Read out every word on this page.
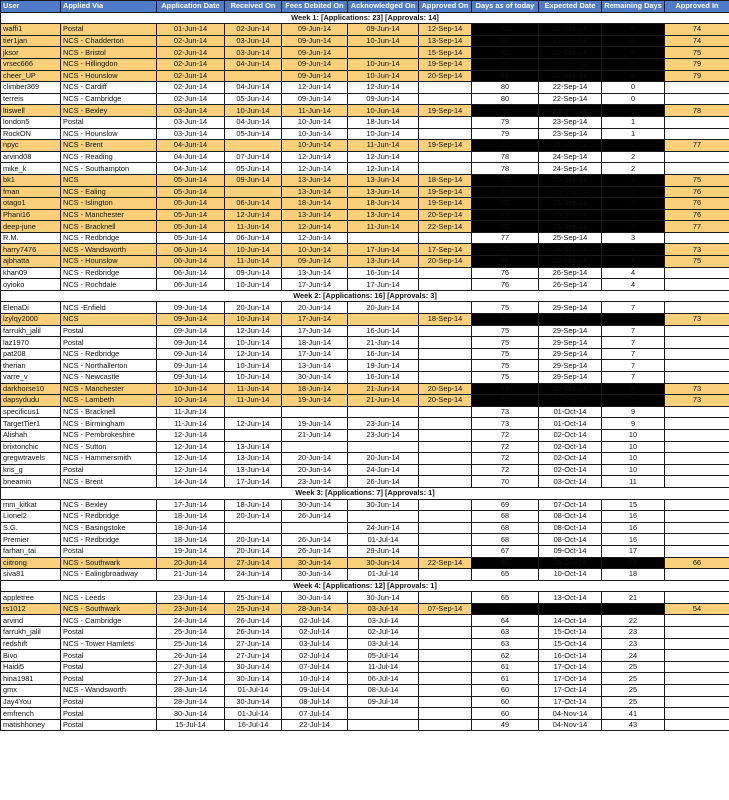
User	Applied Via	Application Date	Received On	Fees Debited On	Acknowledged On	Approved On	Days as of today	Expected Date	Remaining Days	Approved In
Week 1: [Applications: 23] [Approvals: 14]										
waffi1	Postal	01-Jun-14	02-Jun-14	09-Jun-14	09-Jun-14	12-Sep-14	82	21-Sep-14	6	74
tier1jan	NCS - Chadderton	02-Jun-14	03-Jun-14	09-Jun-14	10-Jun-14	13-Sep-14	81	22-Sep-14	6	74
jksor	NCS - Bristol	02-Jun-14	03-Jun-14	09-Jun-14		15-Sep-14	81	22-Sep-14	6	75
vrsec666	NCS - Hillingdon	02-Jun-14	04-Jun-14	09-Jun-14	10-Jun-14	19-Sep-14	81	22-Sep-14	6	79
cheer_UP	NCS - Hounslow	02-Jun-14		09-Jun-14	10-Jun-14	20-Sep-14	81	22-Sep-14	6	79
climber369	NCS - Cardiff	02-Jun-14	04-Jun-14	12-Jun-14	12-Jun-14		80	22-Sep-14	0	
terreis	NCS - Cambridge	02-Jun-14	05-Jun-14	09-Jun-14	09-Jun-14		80	22-Sep-14	0	
ltiswell	NCS - Bexley	03-Jun-14	10-Jun-14	11-Jun-14	10-Jun-14	19-Sep-14	80	23-Sep-14	1	78
london5	Postal	03-Jun-14	04-Jun-14	10-Jun-14	18-Jun-14		79	23-Sep-14	1	
RockON	NCS - Hounslow	03-Jun-14	05-Jun-14	10-Jun-14	10-Jun-14		79	23-Sep-14	1	
npyc	NCS - Brent	04-Jun-14		10-Jun-14	11-Jun-14	19-Sep-14	78	24-Sep-14	2	77
arvind08	NCS - Reading	04-Jun-14	07-Jun-14	12-Jun-14	12-Jun-14		78	24-Sep-14	2	
mike_k	NCS - Southampton	04-Jun-14	05-Jun-14	12-Jun-14	12-Jun-14		78	24-Sep-14	2	
bk1	NCS	05-Jun-14	09-Jun-14	13-Jun-14	13-Jun-14	18-Sep-14	77	25-Sep-14	3	75
fman	NCS - Ealing	05-Jun-14		13-Jun-14	13-Jun-14	19-Sep-14	77	25-Sep-14	3	76
otago1	NCS - Islington	05-Jun-14	06-Jun-14	18-Jun-14	18-Jun-14	19-Sep-14	77	25-Sep-14	3	76
Phani16	NCS - Manchester	05-Jun-14	12-Jun-14	13-Jun-14	13-Jun-14	20-Sep-14	77	25-Sep-14	3	76
deep-june	NCS - Bracknell	05-Jun-14	11-Jun-14	12-Jun-14	11-Jun-14	22-Sep-14	77	25-Sep-14	3	77
R.M.	NCS - Redbridge	05-Jun-14	06-Jun-14	12-Jun-14			77	25-Sep-14	3	
harry7476	NCS - Wandsworth	06-Jun-14	10-Jun-14	10-Jun-14	17-Jun-14	17-Sep-14	76	26-Sep-14	4	73
ajbhatta	NCS - Hounslow	06-Jun-14	11-Jun-14	09-Jun-14	13-Jun-14	20-Sep-14	76	26-Sep-14	4	75
khan09	NCS - Redbridge	06-Jun-14	09-Jun-14	13-Jun-14	16-Jun-14		76	26-Sep-14	4	
oyioko	NCS - Rochdale	06-Jun-14	10-Jun-14	17-Jun-14	17-Jun-14		76	26-Sep-14	4	
Week 2: [Applications: 16] [Approvals: 3]										
ElenaDi	NCS -Enfield	09-Jun-14	20-Jun-14	20-Jun-14	20-Jun-14		75	29-Sep-14	7	
lzylqy2000	NCS	09-Jun-14	10-Jun-14	17-Jun-14		18-Sep-14	75	29-Sep-14	7	73
farrukh_jalil	Postal	09-Jun-14	12-Jun-14	17-Jun-14	16-Jun-14		75	29-Sep-14	7	
laz1970	Postal	09-Jun-14	10-Jun-14	18-Jun-14	21-Jun-14		75	29-Sep-14	7	
pat208	NCS - Redbridge	09-Jun-14	12-Jun-14	17-Jun-14	16-Jun-14		75	29-Sep-14	7	
therian	NCS - Northallerton	09-Jun-14	10-Jun-14	13-Jun-14	19-Jun-14		75	29-Sep-14	7	
varre_v	NCS - Newcastle	09-Jun-14	10-Jun-14	30-Jun-14	16-Jun-14		75	29-Sep-14	7	
darkhorse10	NCS - Manchester	10-Jun-14	11-Jun-14	18-Jun-14	21-Jun-14	20-Sep-14	74	30-Sep-14	8	73
dapsydudu	NCS - Lambeth	10-Jun-14	11-Jun-14	19-Jun-14	21-Jun-14	20-Sep-14	74	30-Sep-14	8	73
specificus1	NCS - Bracknell	11-Jun-14					73	01-Oct-14	9	
TargetTier1	NCS - Birmingham	11-Jun-14	12-Jun-14	19-Jun-14	23-Jun-14		73	01-Oct-14	9	
Alishah	NCS - Pembrokeshire	12-Jun-14		21-Jun-14	23-Jun-14		72	02-Oct-14	10	
brixtonchic	NCS - Sutton	12-Jun-14	13-Jun-14				72	02-Oct-14	10	
gregwtravels	NCS - Hammersmith	12-Jun-14	13-Jun-14	20-Jun-14	20-Jun-14		72	02-Oct-14	10	
kris_g	Postal	12-Jun-14	13-Jun-14	20-Jun-14	24-Jun-14		72	02-Oct-14	10	
bneamin	NCS - Brent	14-Jun-14	17-Jun-14	23-Jun-14	26-Jun-14		70	03-Oct-14	11	
Week 3: [Applications: 7] [Approvals: 1]										
mm_kitkat	NCS - Bexley	17-Jun-14	18-Jun-14	30-Jun-14	30-Jun-14		69	07-Oct-14	15	
Lionel2	NCS - Redbridge	18-Jun-14	20-Jun-14	26-Jun-14			68	08-Oct-14	16	
S.G.	NCS - Basingstoke	18-Jun-14			24-Jun-14		68	08-Oct-14	16	
Premier	NCS - Redbridge	18-Jun-14	20-Jun-14	26-Jun-14	01-Jul-14		68	08-Oct-14	16	
farhan_tai	Postal	19-Jun-14	20-Jun-14	26-Jun-14	29-Jun-14		67	09-Oct-14	17	
ciitrong	NCS - Southwark	20-Jun-14	27-Jun-14	30-Jun-14	30-Jun-14	22-Sep-14	66	10-Oct-14	18	66
siva81	NCS - Ealingbroadway	21-Jun-14	24-Jun-14	30-Jun-14	01-Jul-14		65	10-Oct-14	18	
Week 4: [Applications: 12] [Approvals: 1]										
appletree	NCS - Leeds	23-Jun-14	25-Jun-14	30-Jun-14	30-Jun-14		65	13-Oct-14	21	
rs1012	NCS - Southwark	23-Jun-14	25-Jun-14	28-Jun-14	03-Jul-14	07-Sep-14	65	13-Oct-14	21	54
arvind	NCS - Cambridge	24-Jun-14	26-Jun-14	02-Jul-14	03-Jul-14		64	14-Oct-14	22	
farrukh_jalil	Postal	25-Jun-14	26-Jun-14	02-Jul-14	02-Jul-14		63	15-Oct-14	23	
redshift	NCS - Tower Hamlets	25-Jun-14	27-Jun-14	03-Jul-14	03-Jul-14		63	15-Oct-14	23	
Bivo	Postal	26-Jun-14	27-Jun-14	02-Jul-14	05-Jul-14		62	16-Oct-14	24	
Haidi5	Postal	27-Jun-14	30-Jun-14	07-Jul-14	11-Jul-14		61	17-Oct-14	25	
hina1981	Postal	27-Jun-14	30-Jun-14	10-Jul-14	06-Jul-14		61	17-Oct-14	25	
gmx	NCS - Wandsworth	28-Jun-14	01-Jul-14	09-Jul-14	08-Jul-14		60	17-Oct-14	25	
Jay4You	Postal	28-Jun-14	30-Jun-14	08-Jul-14	09-Jul-14		60	17-Oct-14	25	
emfrench	Postal	30-Jun-14	01-Jul-14	07-Jul-14			60	04-Nov-14	41	
matishhoney	Postal	15-Jul-14	16-Jul-14	22-Jul-14			49	04-Nov-14	43	
